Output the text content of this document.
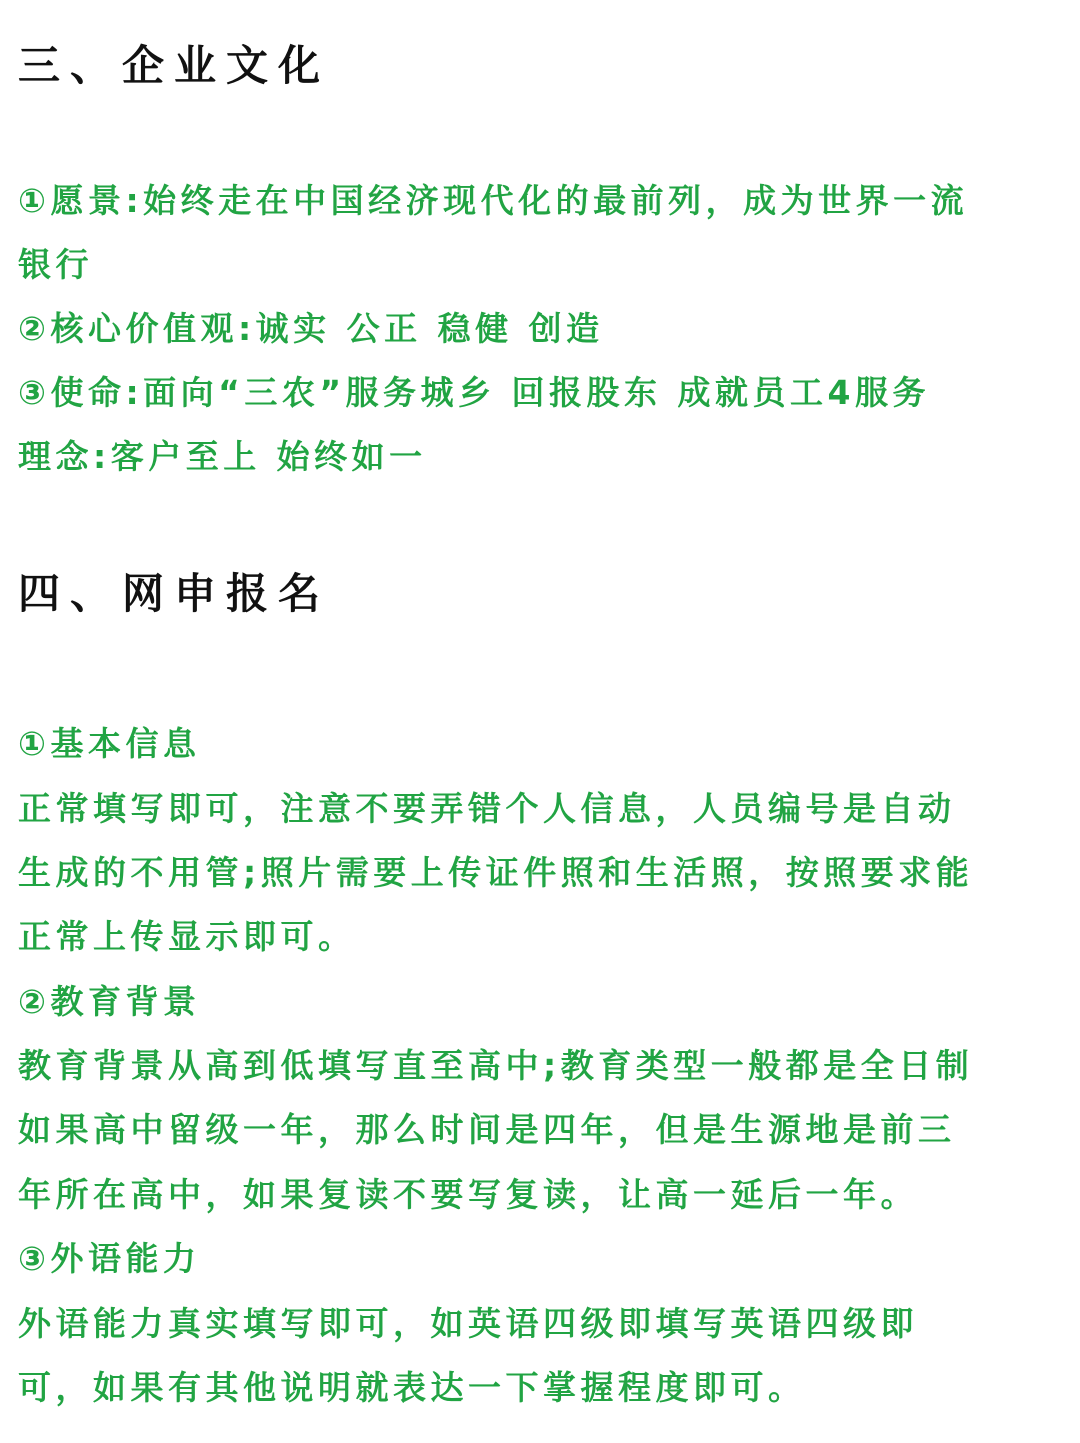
三、企业文化

①愿景:始终走在中国经济现代化的最前列，成为世界一流

银行

②核心价值观:诚实 公正 稳健 创造

③使命:面向“三农”服务城乡 回报股东 成就员工4服务

理念:客户至上 始终如一

四、网申报名

①基本信息

正常填写即可，注意不要弄错个人信息，人员编号是自动

生成的不用管;照片需要上传证件照和生活照，按照要求能

正常上传显示即可。

②教育背景

教育背景从高到低填写直至高中;教育类型一般都是全日制

如果高中留级一年，那么时间是四年，但是生源地是前三

年所在高中，如果复读不要写复读，让高一延后一年。

③外语能力

外语能力真实填写即可，如英语四级即填写英语四级即

可，如果有其他说明就表达一下掌握程度即可。
